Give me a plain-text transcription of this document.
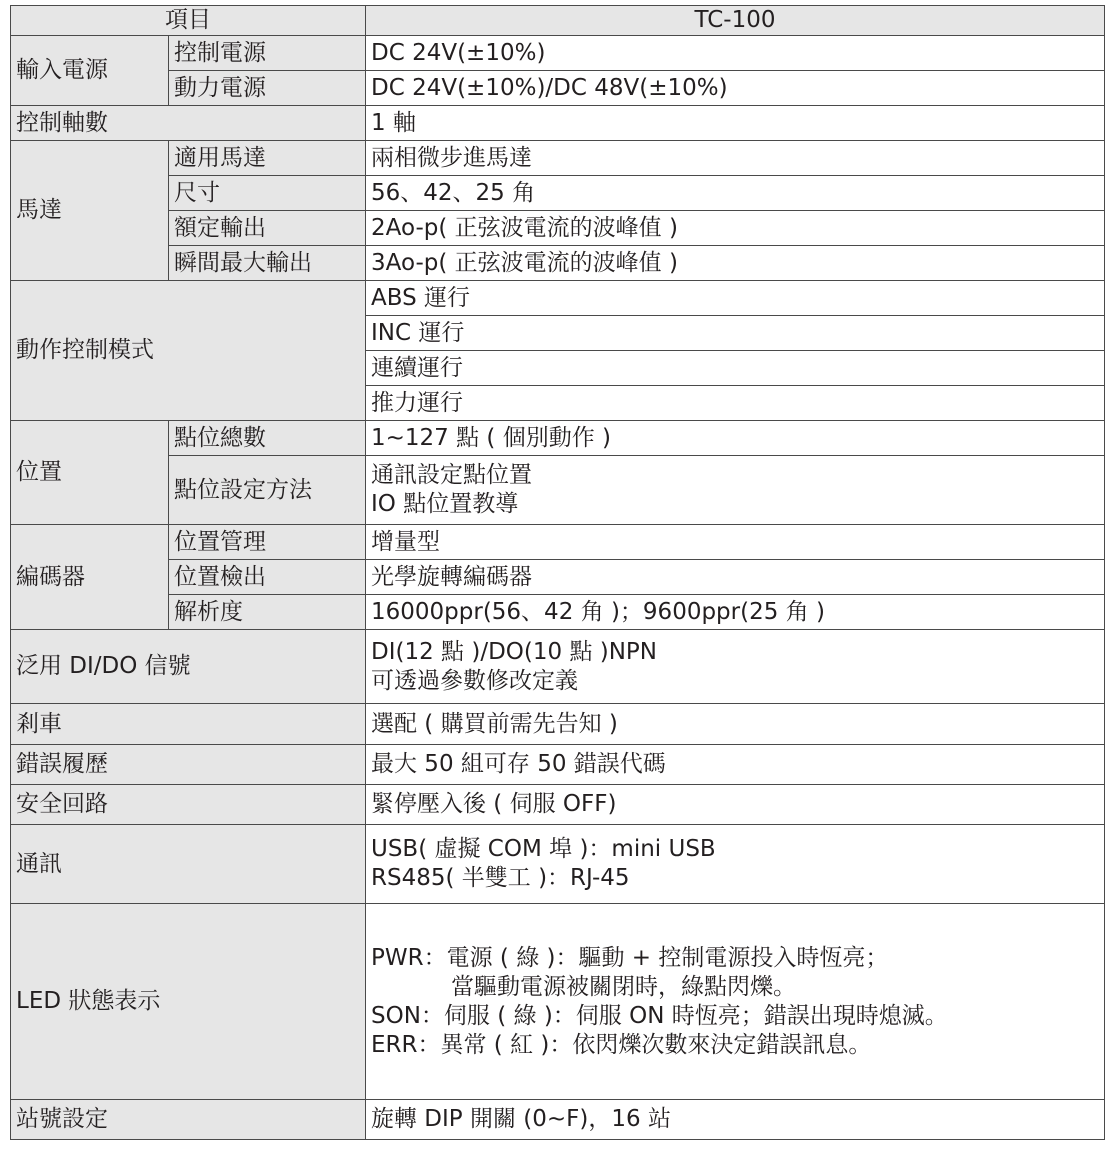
項目		TC-100
輸入電源	控制電源	DC 24V(±10%)
	動力電源	DC 24V(±10%)/DC 48V(±10%)
控制軸數		1 軸
馬達	適用馬達	兩相微步進馬達
	尺寸	56、42、25 角
	額定輸出	2Ao-p( 正弦波電流的波峰值 )
	瞬間最大輸出	3Ao-p( 正弦波電流的波峰值 )
動作控制模式		ABS 運行
		INC 運行
		連續運行
		推力運行
位置	點位總數	1~127 點 ( 個別動作 )
	點位設定方法	通訊設定點位置
IO 點位置教導

編碼器	位置管理	增量型
	位置檢出	光學旋轉編碼器
	解析度	16000ppr(56、42 角 )；9600ppr(25 角 )
泛用 DI/DO 信號		DI(12 點 )/DO(10 點 )NPN
可透過參數修改定義

剎車		選配 ( 購買前需先告知 )
錯誤履歷		最大 50 組可存 50 錯誤代碼
安全回路		緊停壓入後 ( 伺服 OFF)
通訊		USB( 虛擬 COM 埠 )：mini USB
RS485( 半雙工 )：RJ-45

LED 狀態表示		PWR：電源 ( 綠 )：驅動 + 控制電源投入時恆亮；
當驅動電源被關閉時，綠點閃爍。
SON：伺服 ( 綠 )：伺服 ON 時恆亮；錯誤出現時熄滅。
ERR：異常 ( 紅 )：依閃爍次數來決定錯誤訊息。

站號設定		旋轉 DIP 開關 (0~F)，16 站
